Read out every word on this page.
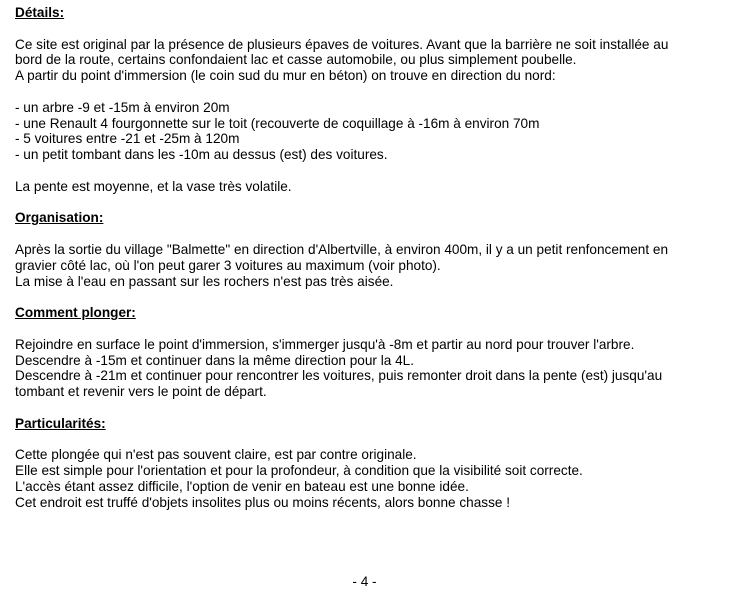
Détails:

Ce site est original par la présence de plusieurs épaves de voitures. Avant que la barrière ne soit installée au
bord de la route, certains confondaient lac et casse automobile, ou plus simplement poubelle.
A partir du point d'immersion (le coin sud du mur en béton) on trouve en direction du nord:

- un arbre -9 et -15m à environ 20m
- une Renault 4 fourgonnette sur le toit (recouverte de coquillage à -16m à environ 70m
- 5 voitures entre -21 et -25m à 120m
- un petit tombant dans les -10m au dessus (est) des voitures.

La pente est moyenne, et la vase très volatile.

Organisation:

Après la sortie du village "Balmette" en direction d'Albertville, à environ 400m, il y a un petit renfoncement en
gravier côté lac, où l'on peut garer 3 voitures au maximum (voir photo).
La mise à l'eau en passant sur les rochers n'est pas très aisée.

Comment plonger:

Rejoindre en surface le point d'immersion, s'immerger jusqu'à -8m et partir au nord pour trouver l'arbre.
Descendre à -15m et continuer dans la même direction pour la 4L.
Descendre à -21m et continuer pour rencontrer les voitures, puis remonter droit dans la pente (est) jusqu'au
tombant et revenir vers le point de départ.

Particularités:

Cette plongée qui n'est pas souvent claire, est par contre originale.
Elle est simple pour l'orientation et pour la profondeur, à condition que la visibilité soit correcte.
L'accès étant assez difficile, l'option de venir en bateau est une bonne idée.
Cet endroit est truffé d'objets insolites plus ou moins récents, alors bonne chasse !

- 4 -
